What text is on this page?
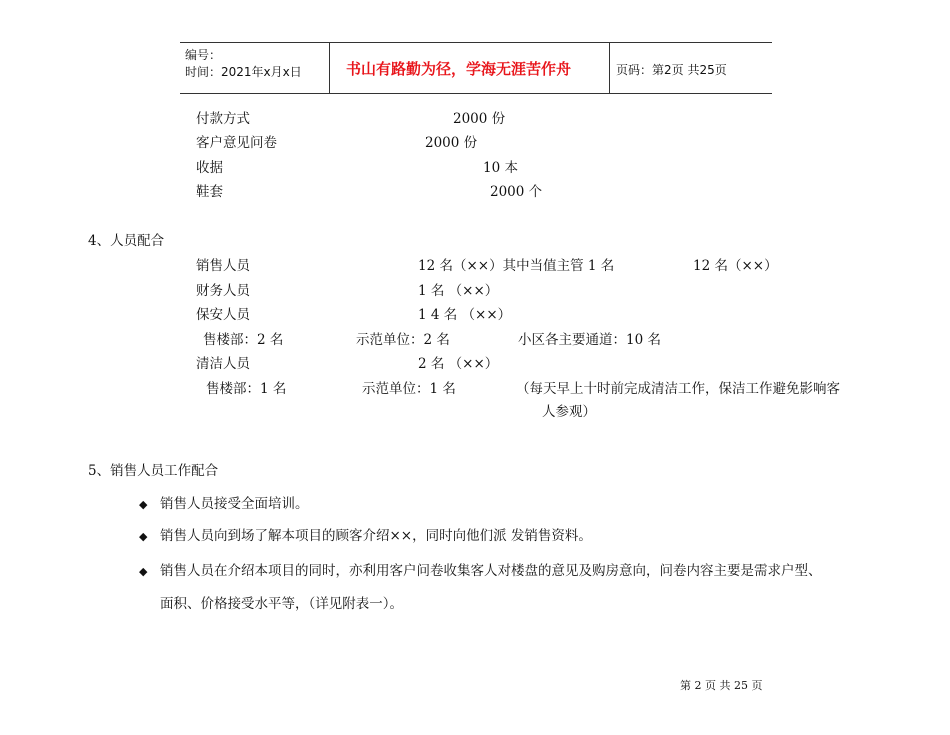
编号：
时间：2021年x月x日	书山有路勤为径，学海无涯苦作舟	页码：第2页 共25页
付款方式	2000 份
客户意见问卷	2000 份
收据	10 本
鞋套	2000 个
4、人员配合
销售人员	12 名（××）其中当值主管 1 名	12 名（××）
财务人员	1 名 （××）
保安人员	1 4 名 （××）
售楼部：2 名	示范单位：2 名	小区各主要通道：10 名
清洁人员	2 名 （××）
售楼部：1 名	示范单位：1 名	（每天早上十时前完成清洁工作，保洁工作避免影响客
人参观）
5、销售人员工作配合
◆ 销售人员接受全面培训。
◆ 销售人员向到场了解本项目的顾客介绍××，同时向他们派 发销售资料。
◆ 销售人员在介绍本项目的同时，亦利用客户问卷收集客人对楼盘的意见及购房意向，问卷内容主要是需求户型、
面积、价格接受水平等，（详见附表一）。
第 2 页 共 25 页
